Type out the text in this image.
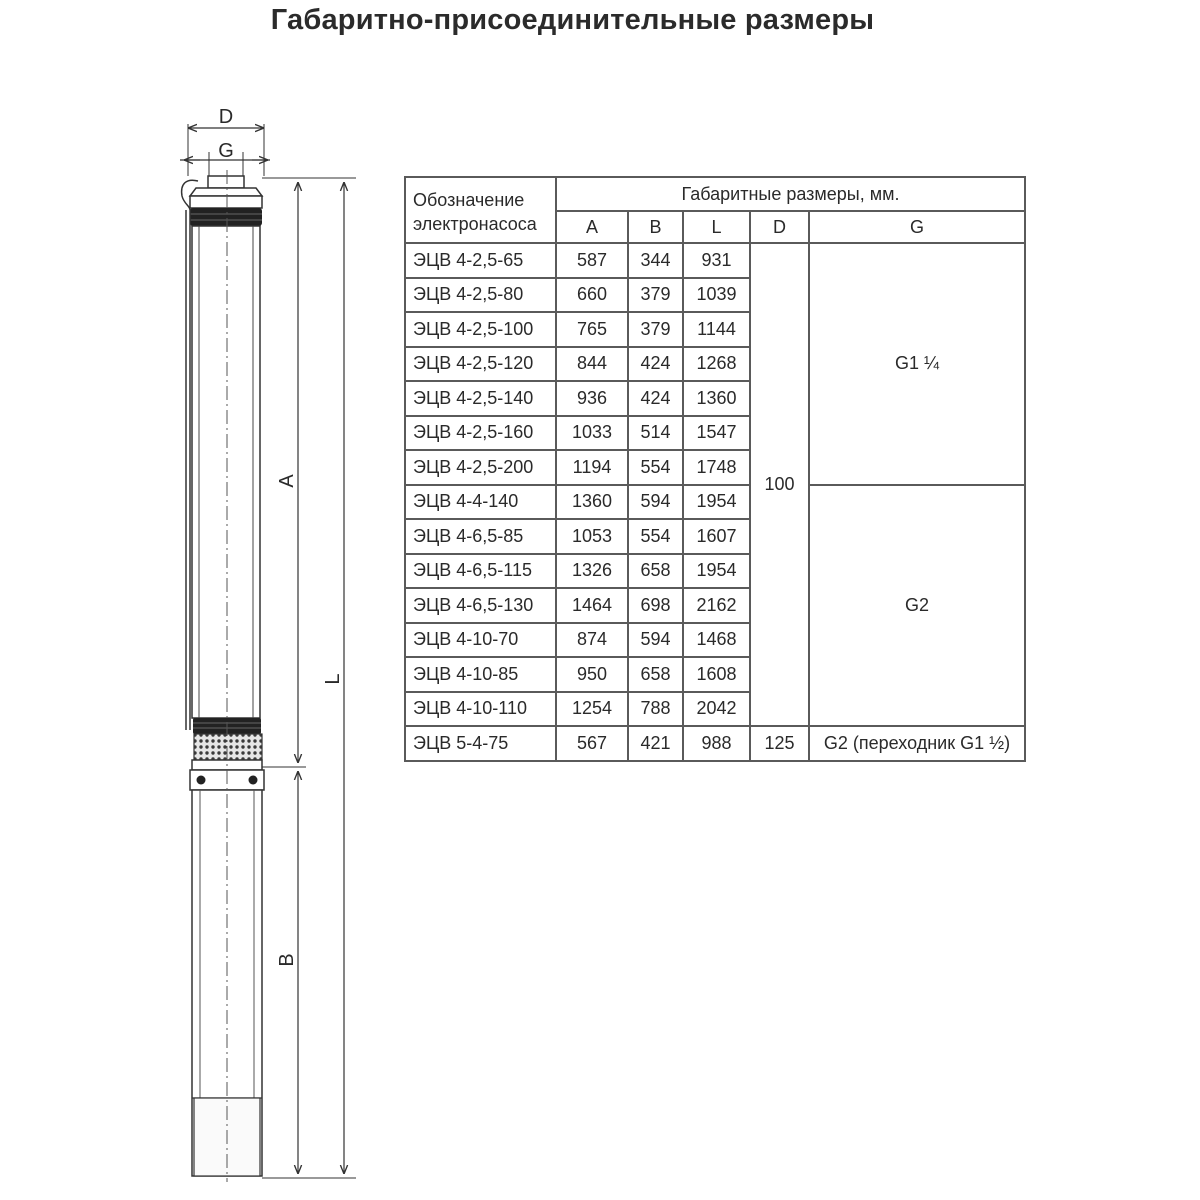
Габаритно-присоединительные размеры
D
G
A
B
L
Обозначение электронасоса	Габаритные размеры, мм.				
	A	B	L	D	G
ЭЦВ 4-2,5-65	587	344	931	100	G1 ¼
ЭЦВ 4-2,5-80	660	379	1039		
ЭЦВ 4-2,5-100	765	379	1144		
ЭЦВ 4-2,5-120	844	424	1268		
ЭЦВ 4-2,5-140	936	424	1360		
ЭЦВ 4-2,5-160	1033	514	1547		
ЭЦВ 4-2,5-200	1194	554	1748		
ЭЦВ 4-4-140	1360	594	1954		G2
ЭЦВ 4-6,5-85	1053	554	1607		
ЭЦВ 4-6,5-115	1326	658	1954		
ЭЦВ 4-6,5-130	1464	698	2162		
ЭЦВ 4-10-70	874	594	1468		
ЭЦВ 4-10-85	950	658	1608		
ЭЦВ 4-10-110	1254	788	2042		
ЭЦВ 5-4-75	567	421	988	125	G2 (переходник G1 ½)
